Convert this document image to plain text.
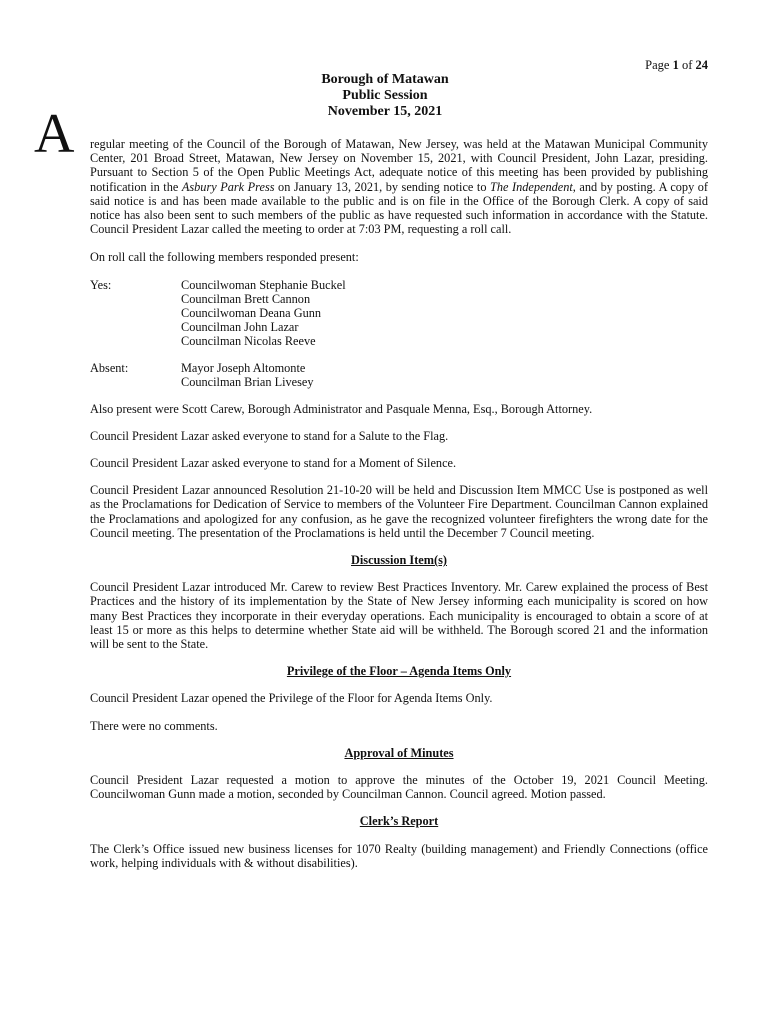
Page 1 of 24
Borough of Matawan
Public Session
November 15, 2021
A regular meeting of the Council of the Borough of Matawan, New Jersey, was held at the Matawan Municipal Community Center, 201 Broad Street, Matawan, New Jersey on November 15, 2021, with Council President, John Lazar, presiding. Pursuant to Section 5 of the Open Public Meetings Act, adequate notice of this meeting has been provided by publishing notification in the Asbury Park Press on January 13, 2021, by sending notice to The Independent, and by posting. A copy of said notice is and has been made available to the public and is on file in the Office of the Borough Clerk. A copy of said notice has also been sent to such members of the public as have requested such information in accordance with the Statute. Council President Lazar called the meeting to order at 7:03 PM, requesting a roll call.

On roll call the following members responded present:

Yes:	Councilwoman Stephanie Buckel
Councilman Brett Cannon
Councilwoman Deana Gunn
Councilman John Lazar
Councilman Nicolas Reeve
Absent:	Mayor Joseph Altomonte
Councilman Brian Livesey

Also present were Scott Carew, Borough Administrator and Pasquale Menna, Esq., Borough Attorney.

Council President Lazar asked everyone to stand for a Salute to the Flag.

Council President Lazar asked everyone to stand for a Moment of Silence.

Council President Lazar announced Resolution 21-10-20 will be held and Discussion Item MMCC Use is postponed as well as the Proclamations for Dedication of Service to members of the Volunteer Fire Department. Councilman Cannon explained the Proclamations and apologized for any confusion, as he gave the recognized volunteer firefighters the wrong date for the Council meeting. The presentation of the Proclamations is held until the December 7 Council meeting.

Discussion Item(s)

Council President Lazar introduced Mr. Carew to review Best Practices Inventory. Mr. Carew explained the process of Best Practices and the history of its implementation by the State of New Jersey informing each municipality is scored on how many Best Practices they incorporate in their everyday operations. Each municipality is encouraged to obtain a score of at least 15 or more as this helps to determine whether State aid will be withheld. The Borough scored 21 and the information will be sent to the State.

Privilege of the Floor – Agenda Items Only

Council President Lazar opened the Privilege of the Floor for Agenda Items Only.

There were no comments.

Approval of Minutes

Council President Lazar requested a motion to approve the minutes of the October 19, 2021 Council Meeting. Councilwoman Gunn made a motion, seconded by Councilman Cannon. Council agreed. Motion passed.

Clerk’s Report

The Clerk’s Office issued new business licenses for 1070 Realty (building management) and Friendly Connections (office work, helping individuals with & without disabilities).
